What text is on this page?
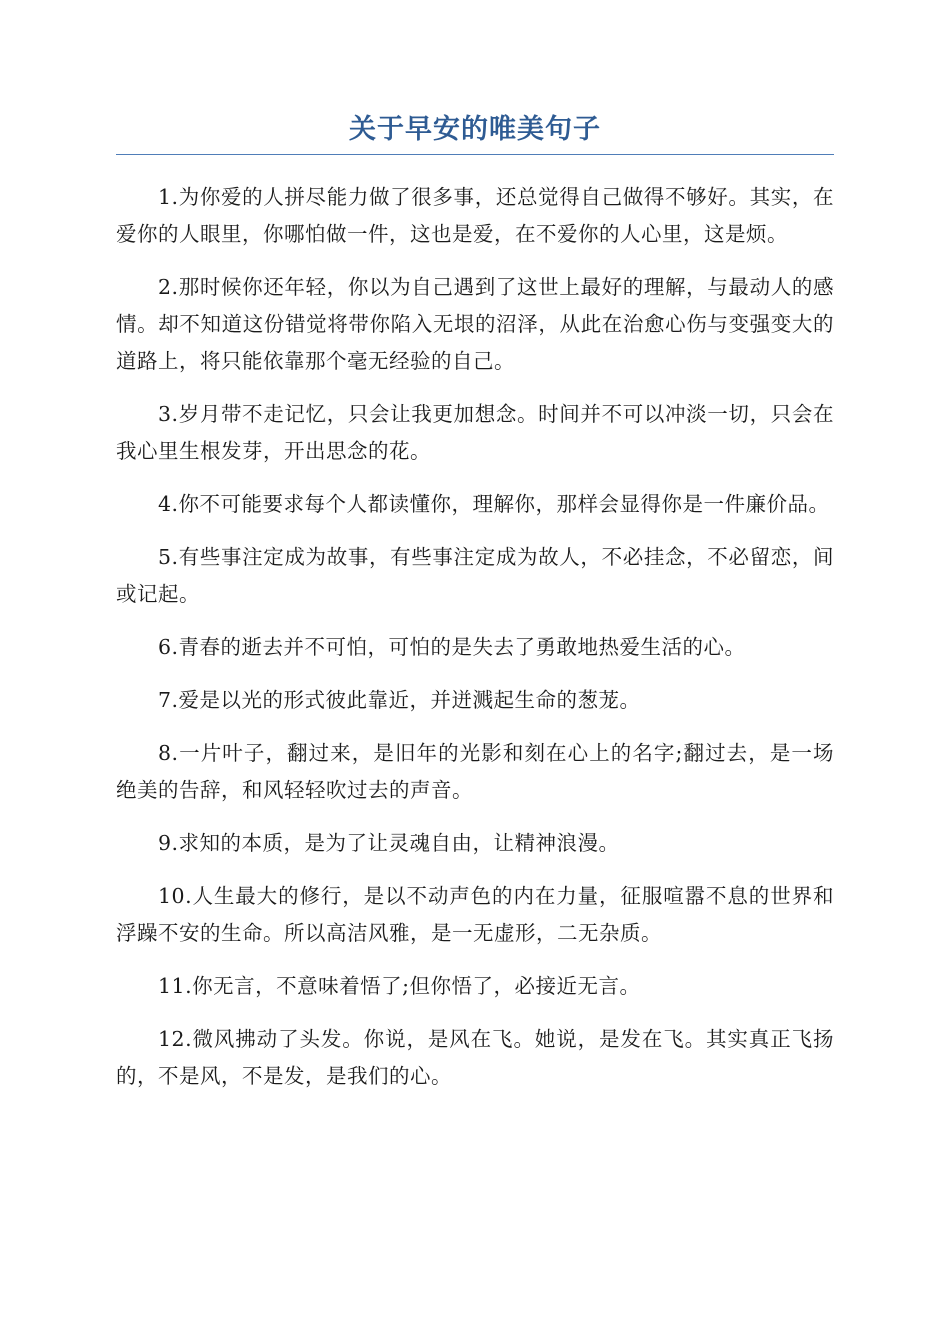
关于早安的唯美句子

1.为你爱的人拼尽能力做了很多事，还总觉得自己做得不够好。其实，在爱你的人眼里，你哪怕做一件，这也是爱，在不爱你的人心里，这是烦。

2.那时候你还年轻，你以为自己遇到了这世上最好的理解，与最动人的感情。却不知道这份错觉将带你陷入无垠的沼泽，从此在治愈心伤与变强变大的道路上，将只能依靠那个毫无经验的自己。

3.岁月带不走记忆，只会让我更加想念。时间并不可以冲淡一切，只会在我心里生根发芽，开出思念的花。

4.你不可能要求每个人都读懂你，理解你，那样会显得你是一件廉价品。

5.有些事注定成为故事，有些事注定成为故人，不必挂念，不必留恋，间或记起。

6.青春的逝去并不可怕，可怕的是失去了勇敢地热爱生活的心。

7.爱是以光的形式彼此靠近，并迸溅起生命的葱茏。

8.一片叶子，翻过来，是旧年的光影和刻在心上的名字;翻过去，是一场绝美的告辞，和风轻轻吹过去的声音。

9.求知的本质，是为了让灵魂自由，让精神浪漫。

10.人生最大的修行，是以不动声色的内在力量，征服喧嚣不息的世界和浮躁不安的生命。所以高洁风雅，是一无虚形，二无杂质。

11.你无言，不意味着悟了;但你悟了，必接近无言。

12.微风拂动了头发。你说，是风在飞。她说，是发在飞。其实真正飞扬的，不是风，不是发，是我们的心。
